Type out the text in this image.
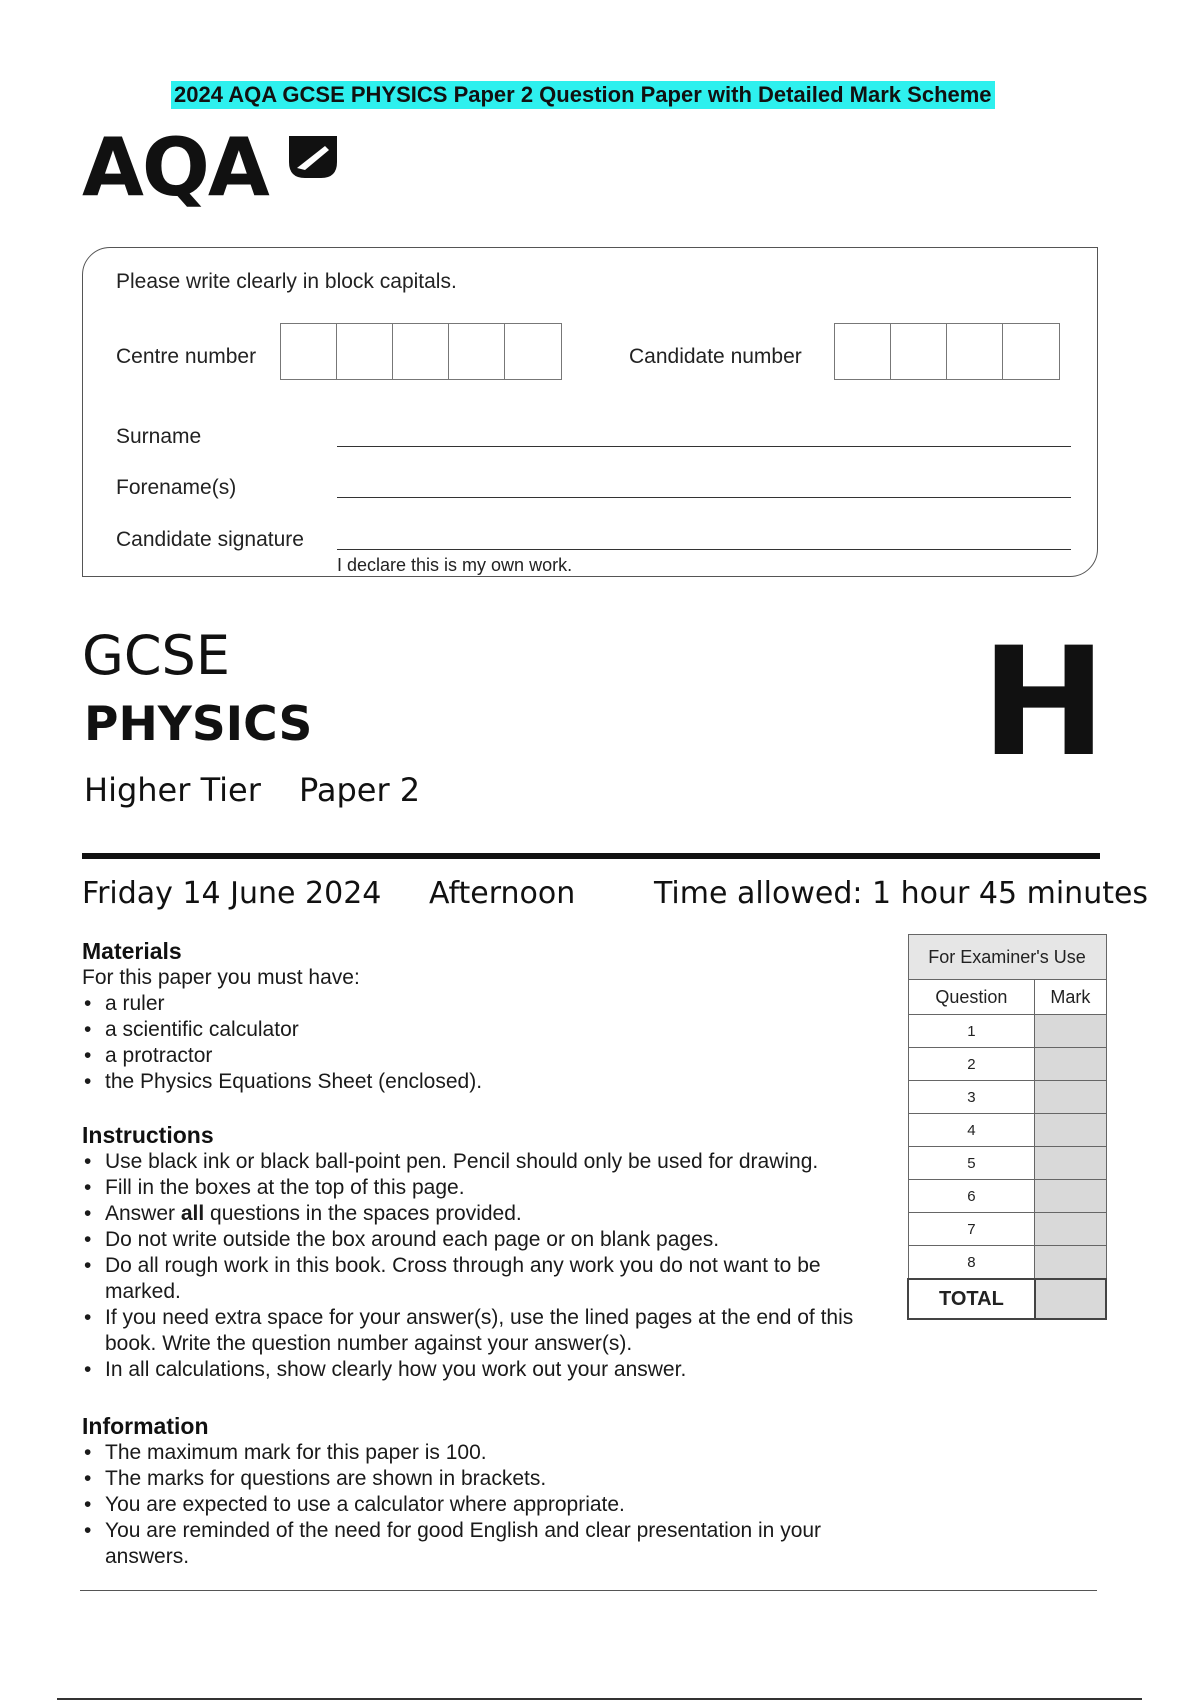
2024 AQA GCSE PHYSICS Paper 2 Question Paper with Detailed Mark Scheme
AQA
Please write clearly in block capitals.
Centre number	Candidate number
Surname
Forename(s)
Candidate signature
I declare this is my own work.
GCSE
PHYSICS
Higher Tier Paper 2	H
Friday 14 June 2024 Afternoon	Time allowed: 1 hour 45 minutes
Materials
For this paper you must have:
• a ruler
• a scientific calculator
• a protractor
• the Physics Equations Sheet (enclosed).
Instructions
• Use black ink or black ball-point pen. Pencil should only be used for drawing.
• Fill in the boxes at the top of this page.
• Answer all questions in the spaces provided.
• Do not write outside the box around each page or on blank pages.
• Do all rough work in this book. Cross through any work you do not want to be marked.
• If you need extra space for your answer(s), use the lined pages at the end of this book. Write the question number against your answer(s).
• In all calculations, show clearly how you work out your answer.
Information
• The maximum mark for this paper is 100.
• The marks for questions are shown in brackets.
• You are expected to use a calculator where appropriate.
• You are reminded of the need for good English and clear presentation in your answers.
For Examiner's Use	
Question	Mark
1	
2	
3	
4	
5	
6	
7	
8	
TOTAL	
